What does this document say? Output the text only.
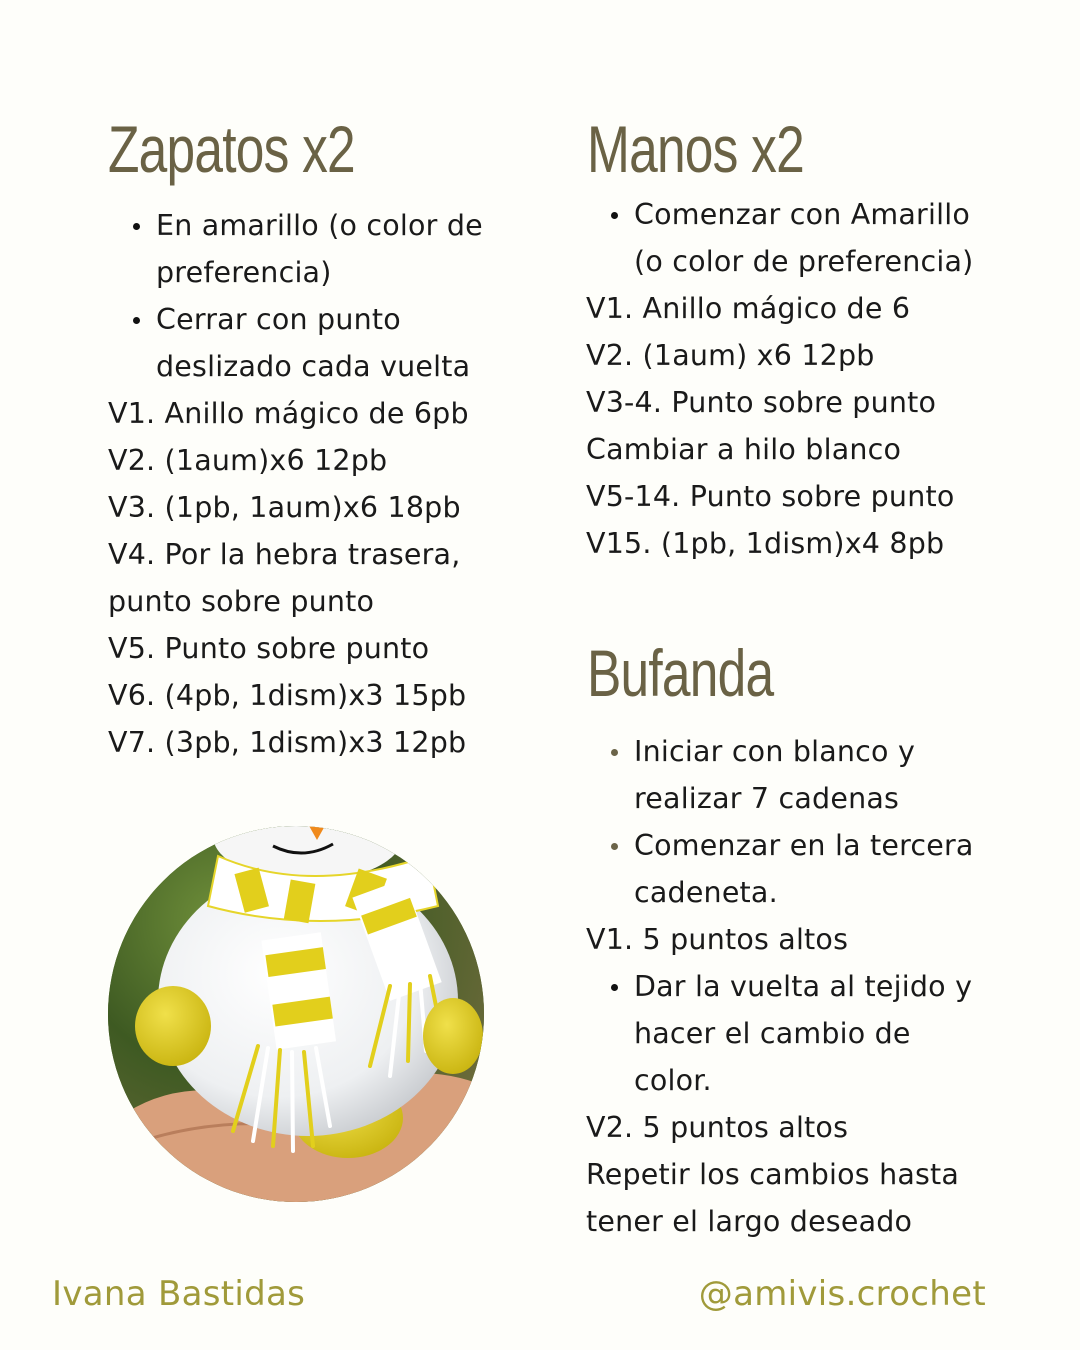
Zapatos x2
En amarillo (o color de
preferencia)
Cerrar con punto
deslizado cada vuelta
V1. Anillo mágico de 6pb
V2. (1aum)x6 12pb
V3. (1pb, 1aum)x6 18pb
V4. Por la hebra trasera,
punto sobre punto
V5. Punto sobre punto
V6. (4pb, 1dism)x3 15pb
V7. (3pb, 1dism)x3 12pb
Manos x2
Comenzar con Amarillo
(o color de preferencia)
V1. Anillo mágico de 6
V2. (1aum) x6 12pb
V3-4. Punto sobre punto
Cambiar a hilo blanco
V5-14. Punto sobre punto
V15. (1pb, 1dism)x4 8pb
Bufanda
Iniciar con blanco y
realizar 7 cadenas
Comenzar en la tercera
cadeneta.
V1. 5 puntos altos
Dar la vuelta al tejido y
hacer el cambio de
color.
V2. 5 puntos altos
Repetir los cambios hasta
tener el largo deseado
Ivana Bastidas	@amivis.crochet
